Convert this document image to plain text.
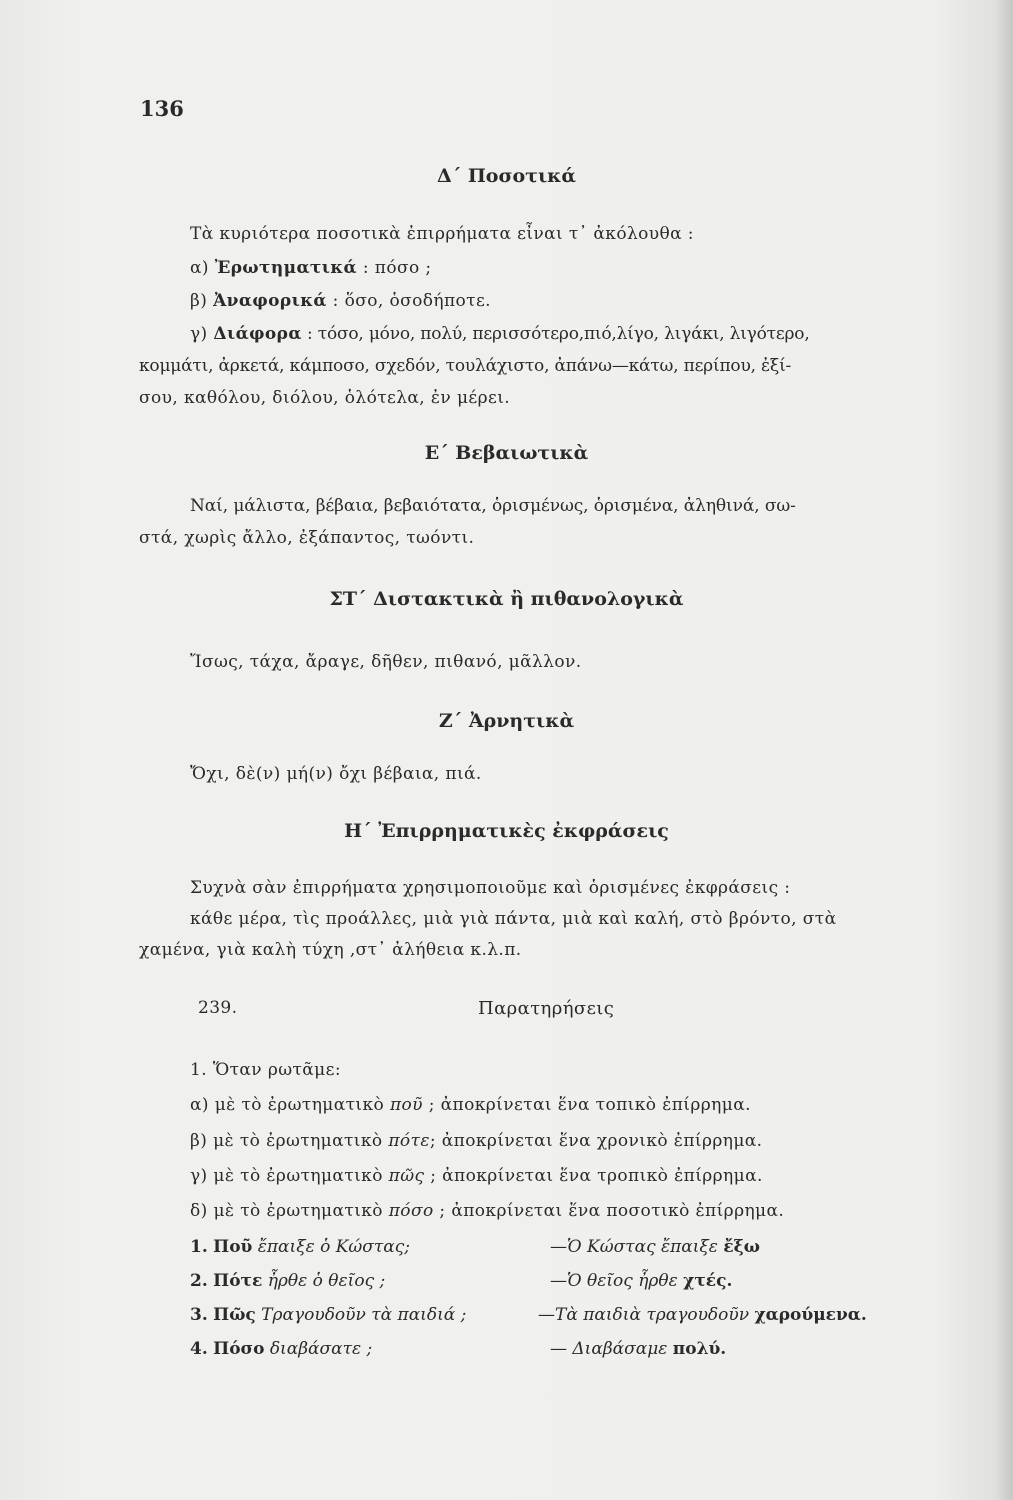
136
Δ΄ Ποσοτικά
Τὰ κυριότερα ποσοτικὰ ἐπιρρήματα εἶναι τ᾿ ἀκόλουθα :
α) Ἐρωτηματικά : πόσο ;
β) Ἀναφορικά : ὅσο, ὁσοδήποτε.
γ) Διάφορα : τόσο, μόνο, πολύ, περισσότερο,πιό,λίγο, λιγάκι, λιγότερο,
κομμάτι, ἀρκετά, κάμποσο, σχεδόν, τουλάχιστο, ἀπάνω—κάτω, περίπου, ἐξί-
σου, καθόλου, διόλου, ὁλότελα, ἐν μέρει.
Ε΄ Βεβαιωτικὰ
Ναί, μάλιστα, βέβαια, βεβαιότατα, ὁρισμένως, ὁρισμένα, ἀληθινά, σω-
στά, χωρὶς ἄλλο, ἐξάπαντος, τωόντι.
ΣΤ΄ Διστακτικὰ ἢ πιθανολογικὰ
Ἴσως, τάχα, ἄραγε, δῆθεν, πιθανό, μᾶλλον.
Ζ΄ Ἀρνητικὰ
Ὄχι, δὲ(ν) μή(ν) ὄχι βέβαια, πιά.
Η΄ Ἐπιρρηματικὲς ἐκφράσεις
Συχνὰ σὰν ἐπιρρήματα χρησιμοποιοῦμε καὶ ὁρισμένες ἐκφράσεις :
κάθε μέρα, τὶς προάλλες, μιὰ γιὰ πάντα, μιὰ καὶ καλή, στὸ βρόντο, στὰ
χαμένα, γιὰ καλὴ τύχη ,στ᾿ ἀλήθεια κ.λ.π.
239.	Παρατηρήσεις
1. Ὅταν ρωτᾶμε:
α) μὲ τὸ ἐρωτηματικὸ ποῦ ; ἀποκρίνεται ἕνα τοπικὸ ἐπίρρημα.
β) μὲ τὸ ἐρωτηματικὸ πότε; ἀποκρίνεται ἕνα χρονικὸ ἐπίρρημα.
γ) μὲ τὸ ἐρωτηματικὸ πῶς ; ἀποκρίνεται ἕνα τροπικὸ ἐπίρρημα.
δ) μὲ τὸ ἐρωτηματικὸ πόσο ; ἀποκρίνεται ἕνα ποσοτικὸ ἐπίρρημα.
1. Ποῦ ἔπαιξε ὁ Κώστας;	—Ὁ Κώστας ἔπαιξε ἔξω
2. Πότε ἦρθε ὁ θεῖος ;	—Ὁ θεῖος ἦρθε χτές.
3. Πῶς Τραγουδοῦν τὰ παιδιά ;	—Τὰ παιδιὰ τραγουδοῦν χαρούμενα.
4. Πόσο διαβάσατε ;	— Διαβάσαμε πολύ.
